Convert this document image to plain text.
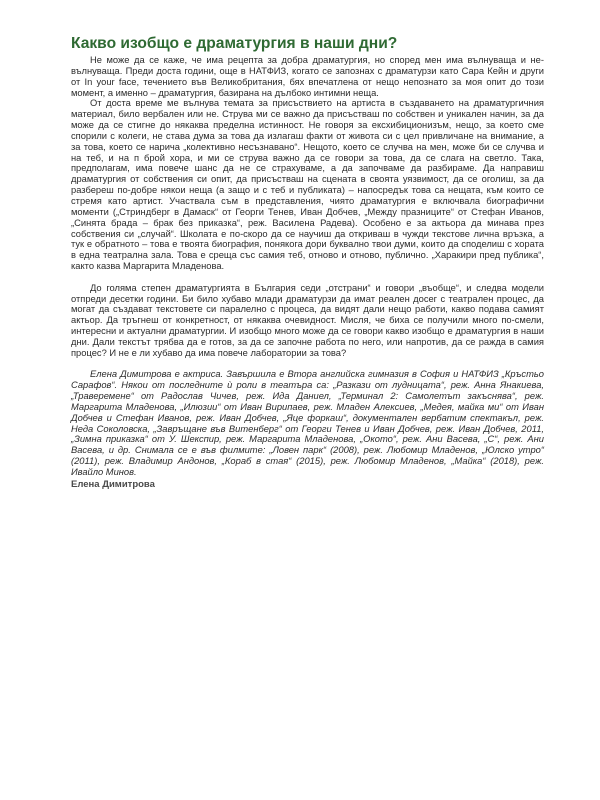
Какво изобщо е драматургия в наши дни?

Не може да се каже, че има рецепта за добра драматургия, но според мен има вълнуваща и не-вълнуваща. Преди доста години, още в НАТФИЗ, когато се запознах с драматурзи като Сара Кейн и други от In your face, течението във Великобритания, бях впечатлена от нещо непознато за моя опит до този момент, а именно – драматургия, базирана на дълбоко интимни неща.

От доста време ме вълнува темата за присъствието на артиста в създаването на драматургичния материал, било вербален или не. Струва ми се важно да присъстваш по собствен и уникален начин, за да може да се стигне до някаква пределна истинност. Не говоря за ексхибиционизъм, нещо, за което сме спорили с колеги, не става дума за това да излагаш факти от живота си с цел привличане на внимание, а за това, което се нарича „колективно несъзнавано“. Нещото, което се случва на мен, може би се случва и на теб, и на п брой хора, и ми се струва важно да се говори за това, да се слага на светло. Така, предполагам, има повече шанс да не се страхуваме, а да започваме да разбираме. Да направиш драматургия от собствения си опит, да присъстваш на сцената в своята уязвимост, да се оголиш, за да разбереш по-добре някои неща (а защо и с теб и публиката) – напосредък това са нещата, към които се стремя като артист. Участвала съм в представления, чиято драматургия е включвала биографични моменти („Стриндберг в Дамаск“ от Георги Тенев, Иван Добчев, „Между празниците“ от Стефан Иванов, „Синята брада – брак без приказка“, реж. Василена Радева). Особено е за актьора да минава през собствения си „случай“. Школата е по-скоро да се научиш да откриваш в чужди текстове лична връзка, а тук е обратното – това е твоята биография, понякога дори буквално твои думи, които да споделиш с хората в една театрална зала. Това е среща със самия теб, отново и отново, публично. „Харакири пред публика“, както казва Маргарита Младенова.

До голяма степен драматургията в България седи „отстрани“ и говори „въобще“, и следва модели отпреди десетки години. Би било хубаво млади драматурзи да имат реален досег с театрален процес, да могат да създават текстовете си паралелно с процеса, да видят дали нещо работи, какво подава самият актьор. Да тръгнеш от конкретност, от някаква очевидност. Мисля, че биха се получили много по-смели, интересни и актуални драматургии. И изобщо много може да се говори какво изобщо е драматургия в наши дни. Дали текстът трябва да е готов, за да се започне работа по него, или напротив, да се ражда в самия процес? И не е ли хубаво да има повече лаборатории за това?

Елена Димитрова е актриса. Завършила е Втора английска гимназия в София и НАТФИЗ „Кръстьо Сарафов“. Някои от последните ѝ роли в театъра са: „Разкази от лудницата“, реж. Анна Янакиева, „Траверемене“ от Радослав Чичев, реж. Ида Даниел, „Терминал 2: Самолетът закъснява“, реж. Маргарита Младенова, „Илюзии“ от Иван Вирипаев, реж. Младен Алексиев, „Медея, майка ми“ от Иван Добчев и Стефан Иванов, реж. Иван Добчев, „Яце форкаш“, документален вербатим спектакъл, реж. Неда Соколовска, „Завръщане във Витенберг“ от Георги Тенев и Иван Добчев, реж. Иван Добчев, 2011, „Зимна приказка“ от У. Шекспир, реж. Маргарита Младенова, „Окото“, реж. Ани Васева, „С“, реж. Ани Васева, и др. Снимала се е във филмите: „Ловен парк“ (2008), реж. Любомир Младенов, „Юлско утро“ (2011), реж. Владимир Андонов, „Кораб в стая“ (2015), реж. Любомир Младенов, „Майка“ (2018), реж. Ивайло Минов.

Елена Димитрова
